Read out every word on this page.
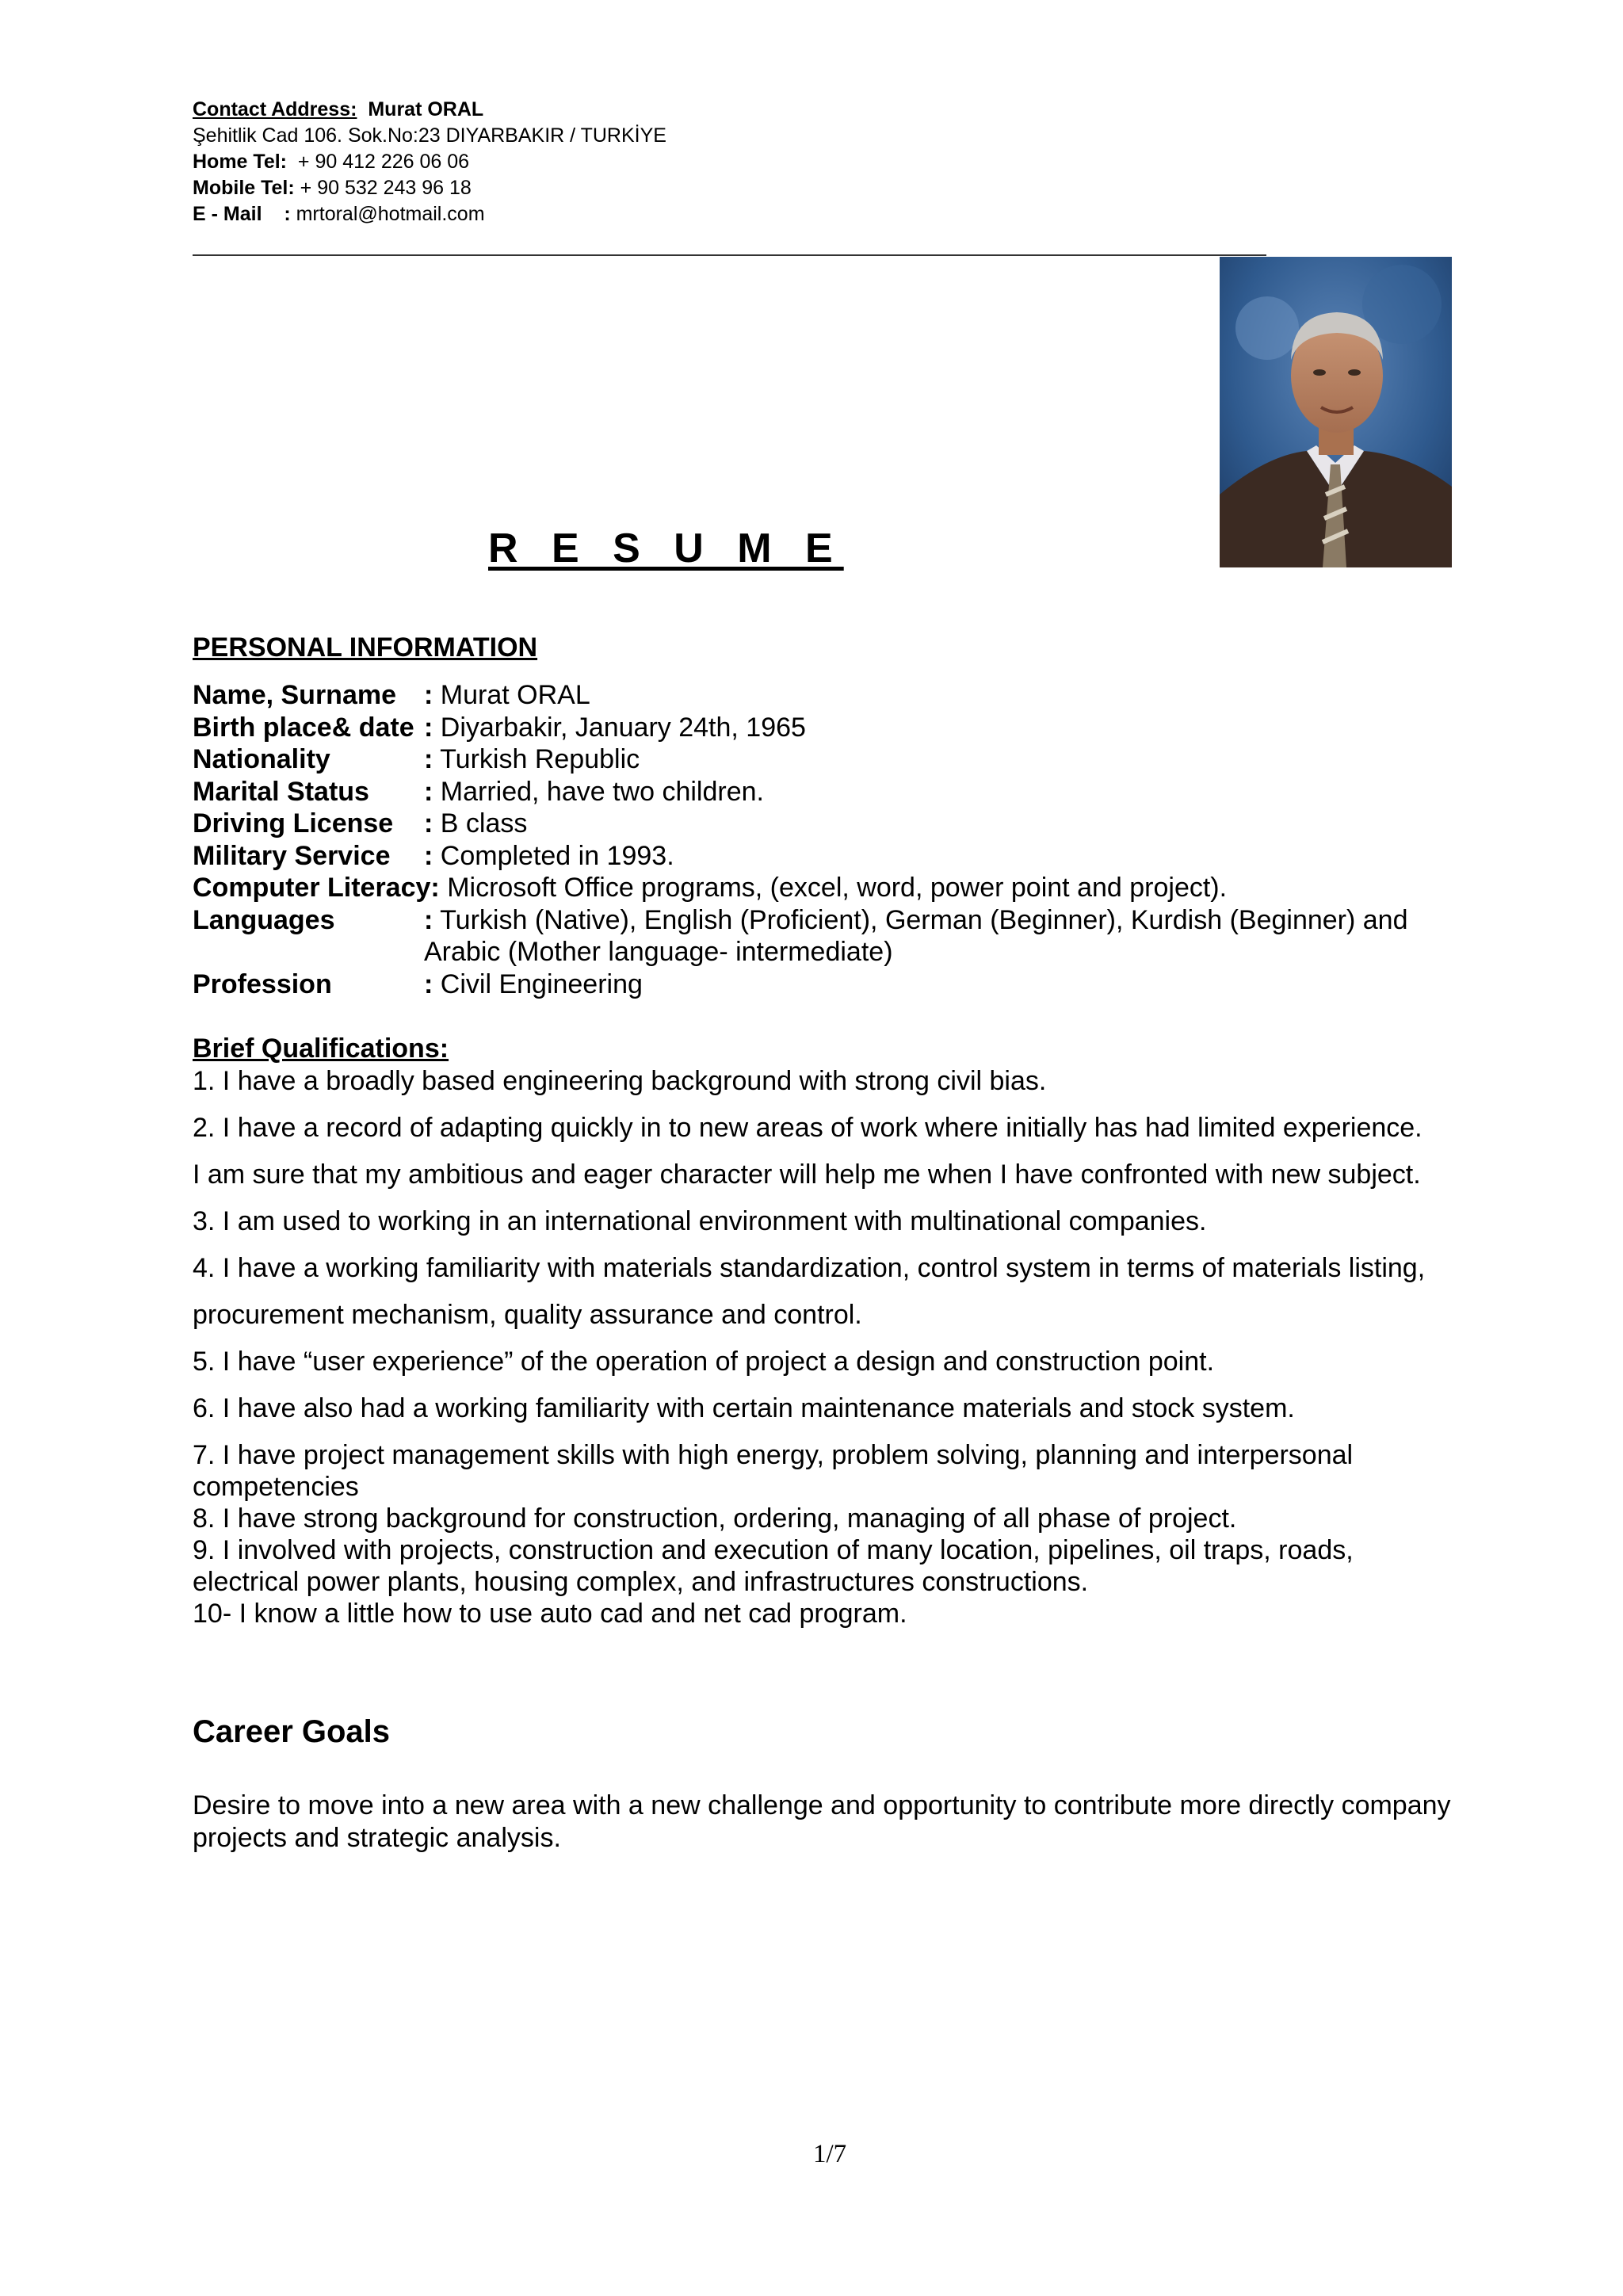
Contact Address: Murat ORAL
Şehitlik Cad 106. Sok.No:23 DIYARBAKIR / TURKİYE
Home Tel: + 90 412 226 06 06
Mobile Tel: + 90 532 243 96 18
E - Mail : mrtoral@hotmail.com
R E S U M E
PERSONAL INFORMATION
Name, Surname : Murat ORAL
Birth place& date : Diyarbakir, January 24th, 1965
Nationality	: Turkish Republic
Marital Status : Married, have two children.
Driving License : B class
Military Service : Completed in 1993.
Computer Literacy: Microsoft Office programs, (excel, word, power point and project).
Languages	: Turkish (Native), English (Proficient), German (Beginner), Kurdish (Beginner) and Arabic (Mother language- intermediate)
Profession	: Civil Engineering
Brief Qualifications:

1. I have a broadly based engineering background with strong civil bias.

2. I have a record of adapting quickly in to new areas of work where initially has had limited experience.

I am sure that my ambitious and eager character will help me when I have confronted with new subject.

3. I am used to working in an international environment with multinational companies.

4. I have a working familiarity with materials standardization, control system in terms of materials listing,

procurement mechanism, quality assurance and control.

5. I have “user experience” of the operation of project a design and construction point.

6. I have also had a working familiarity with certain maintenance materials and stock system.

7. I have project management skills with high energy, problem solving, planning and interpersonal competencies

8. I have strong background for construction, ordering, managing of all phase of project.

9. I involved with projects, construction and execution of many location, pipelines, oil traps, roads, electrical power plants, housing complex, and infrastructures constructions.

10- I know a little how to use auto cad and net cad program.

Career Goals
Desire to move into a new area with a new challenge and opportunity to contribute more directly company projects and strategic analysis.
1/7
